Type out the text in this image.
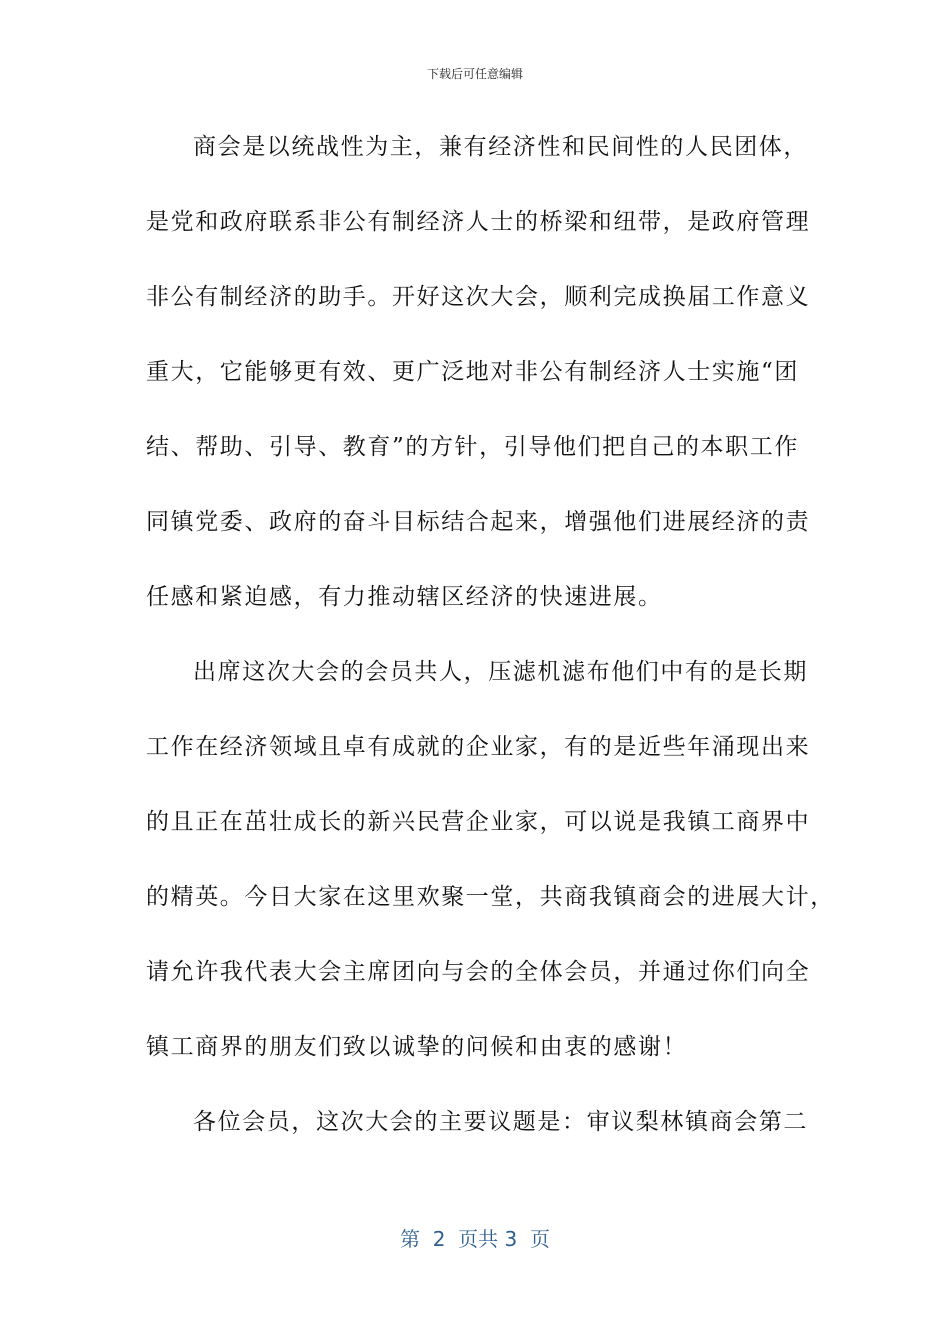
下载后可任意编辑
商会是以统战性为主，兼有经济性和民间性的人民团体，
是党和政府联系非公有制经济人士的桥梁和纽带，是政府管理
非公有制经济的助手。开好这次大会，顺利完成换届工作意义
重大，它能够更有效、更广泛地对非公有制经济人士实施“团
结、帮助、引导、教育”的方针，引导他们把自己的本职工作
同镇党委、政府的奋斗目标结合起来，增强他们进展经济的责
任感和紧迫感，有力推动辖区经济的快速进展。
出席这次大会的会员共人，压滤机滤布他们中有的是长期
工作在经济领域且卓有成就的企业家，有的是近些年涌现出来
的且正在茁壮成长的新兴民营企业家，可以说是我镇工商界中
的精英。今日大家在这里欢聚一堂，共商我镇商会的进展大计，
请允许我代表大会主席团向与会的全体会员，并通过你们向全
镇工商界的朋友们致以诚挚的问候和由衷的感谢！
各位会员，这次大会的主要议题是：审议梨林镇商会第二
第  2  页共 3  页
